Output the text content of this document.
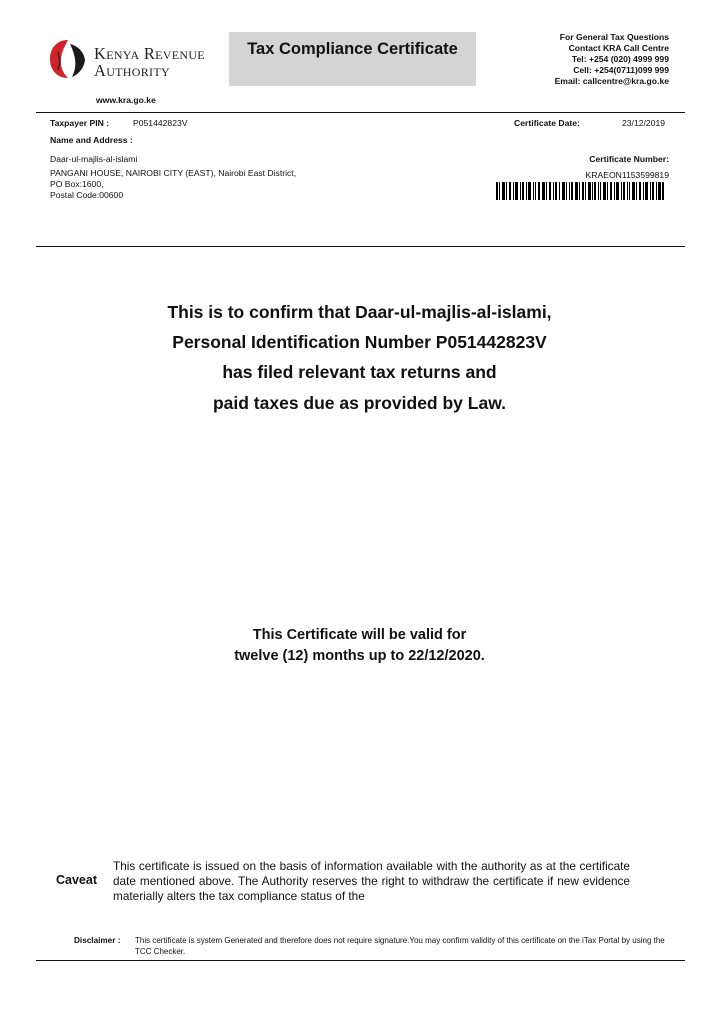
Kenya Revenue
Authority
www.kra.go.ke
Tax Compliance Certificate
For General Tax Questions
Contact KRA Call Centre
Tel: +254 (020) 4999 999
Cell: +254(0711)099 999
Email: callcentre@kra.go.ke
Taxpayer PIN :	P051442823V
Name and Address :
Daar-ul-majlis-al-islami
PANGANI HOUSE, NAIROBI CITY (EAST), Nairobi East District,
PO Box:1600,
Postal Code:00600
Certificate Date:	23/12/2019
Certificate Number:
KRAEON1153599819
This is to confirm that Daar-ul-majlis-al-islami,
Personal Identification Number P051442823V
has filed relevant tax returns and
paid taxes due as provided by Law.
This Certificate will be valid for
twelve (12) months up to 22/12/2020.
Caveat
This certificate is issued on the basis of information available with the authority as at the certificate date mentioned above. The Authority reserves the right to withdraw the certificate if new evidence materially alters the tax compliance status of the
Disclaimer : This certificate is system Generated and therefore does not require signature.You may confirm validity of this certificate on the iTax Portal by using the TCC Checker.
